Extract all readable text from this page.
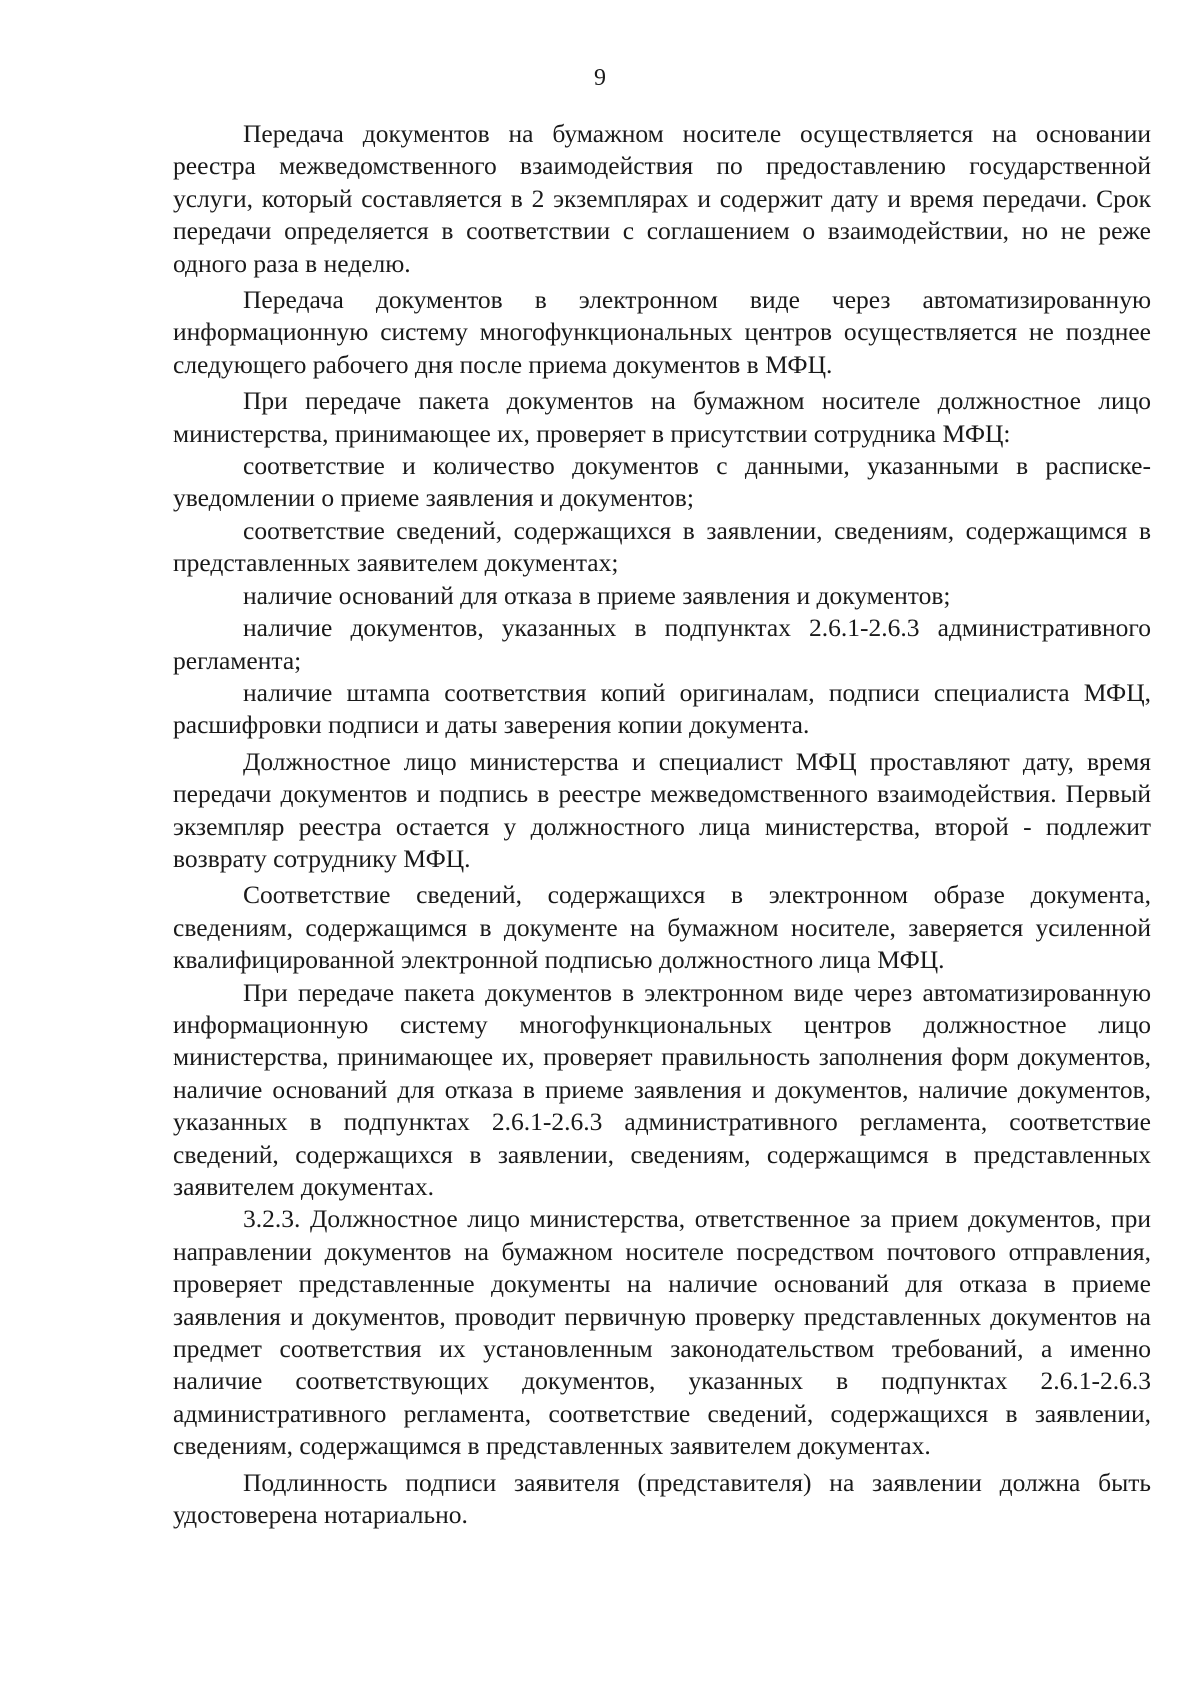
9

Передача документов на бумажном носителе осуществляется на основании реестра межведомственного взаимодействия по предоставлению государственной услуги, который составляется в 2 экземплярах и содержит дату и время передачи. Срок передачи определяется в соответствии с соглашением о взаимодействии, но не реже одного раза в неделю.

Передача документов в электронном виде через автоматизированную информационную систему многофункциональных центров осуществляется не позднее следующего рабочего дня после приема документов в МФЦ.

При передаче пакета документов на бумажном носителе должностное лицо министерства, принимающее их, проверяет в присутствии сотрудника МФЦ:

соответствие и количество документов с данными, указанными в расписке-уведомлении о приеме заявления и документов;

соответствие сведений, содержащихся в заявлении, сведениям, содержащимся в представленных заявителем документах;

наличие оснований для отказа в приеме заявления и документов;

наличие документов, указанных в подпунктах 2.6.1-2.6.3 административного регламента;

наличие штампа соответствия копий оригиналам, подписи специалиста МФЦ, расшифровки подписи и даты заверения копии документа.

Должностное лицо министерства и специалист МФЦ проставляют дату, время передачи документов и подпись в реестре межведомственного взаимодействия. Первый экземпляр реестра остается у должностного лица министерства, второй - подлежит возврату сотруднику МФЦ.

Соответствие сведений, содержащихся в электронном образе документа, сведениям, содержащимся в документе на бумажном носителе, заверяется усиленной квалифицированной электронной подписью должностного лица МФЦ.

При передаче пакета документов в электронном виде через автоматизированную информационную систему многофункциональных центров должностное лицо министерства, принимающее их, проверяет правильность заполнения форм документов, наличие оснований для отказа в приеме заявления и документов, наличие документов, указанных в подпунктах 2.6.1-2.6.3 административного регламента, соответствие сведений, содержащихся в заявлении, сведениям, содержащимся в представленных заявителем документах.

3.2.3. Должностное лицо министерства, ответственное за прием документов, при направлении документов на бумажном носителе посредством почтового отправления, проверяет представленные документы на наличие оснований для отказа в приеме заявления и документов, проводит первичную проверку представленных документов на предмет соответствия их установленным законодательством требований, а именно наличие соответствующих документов, указанных в подпунктах 2.6.1-2.6.3 административного регламента, соответствие сведений, содержащихся в заявлении, сведениям, содержащимся в представленных заявителем документах.

Подлинность подписи заявителя (представителя) на заявлении должна быть удостоверена нотариально.
